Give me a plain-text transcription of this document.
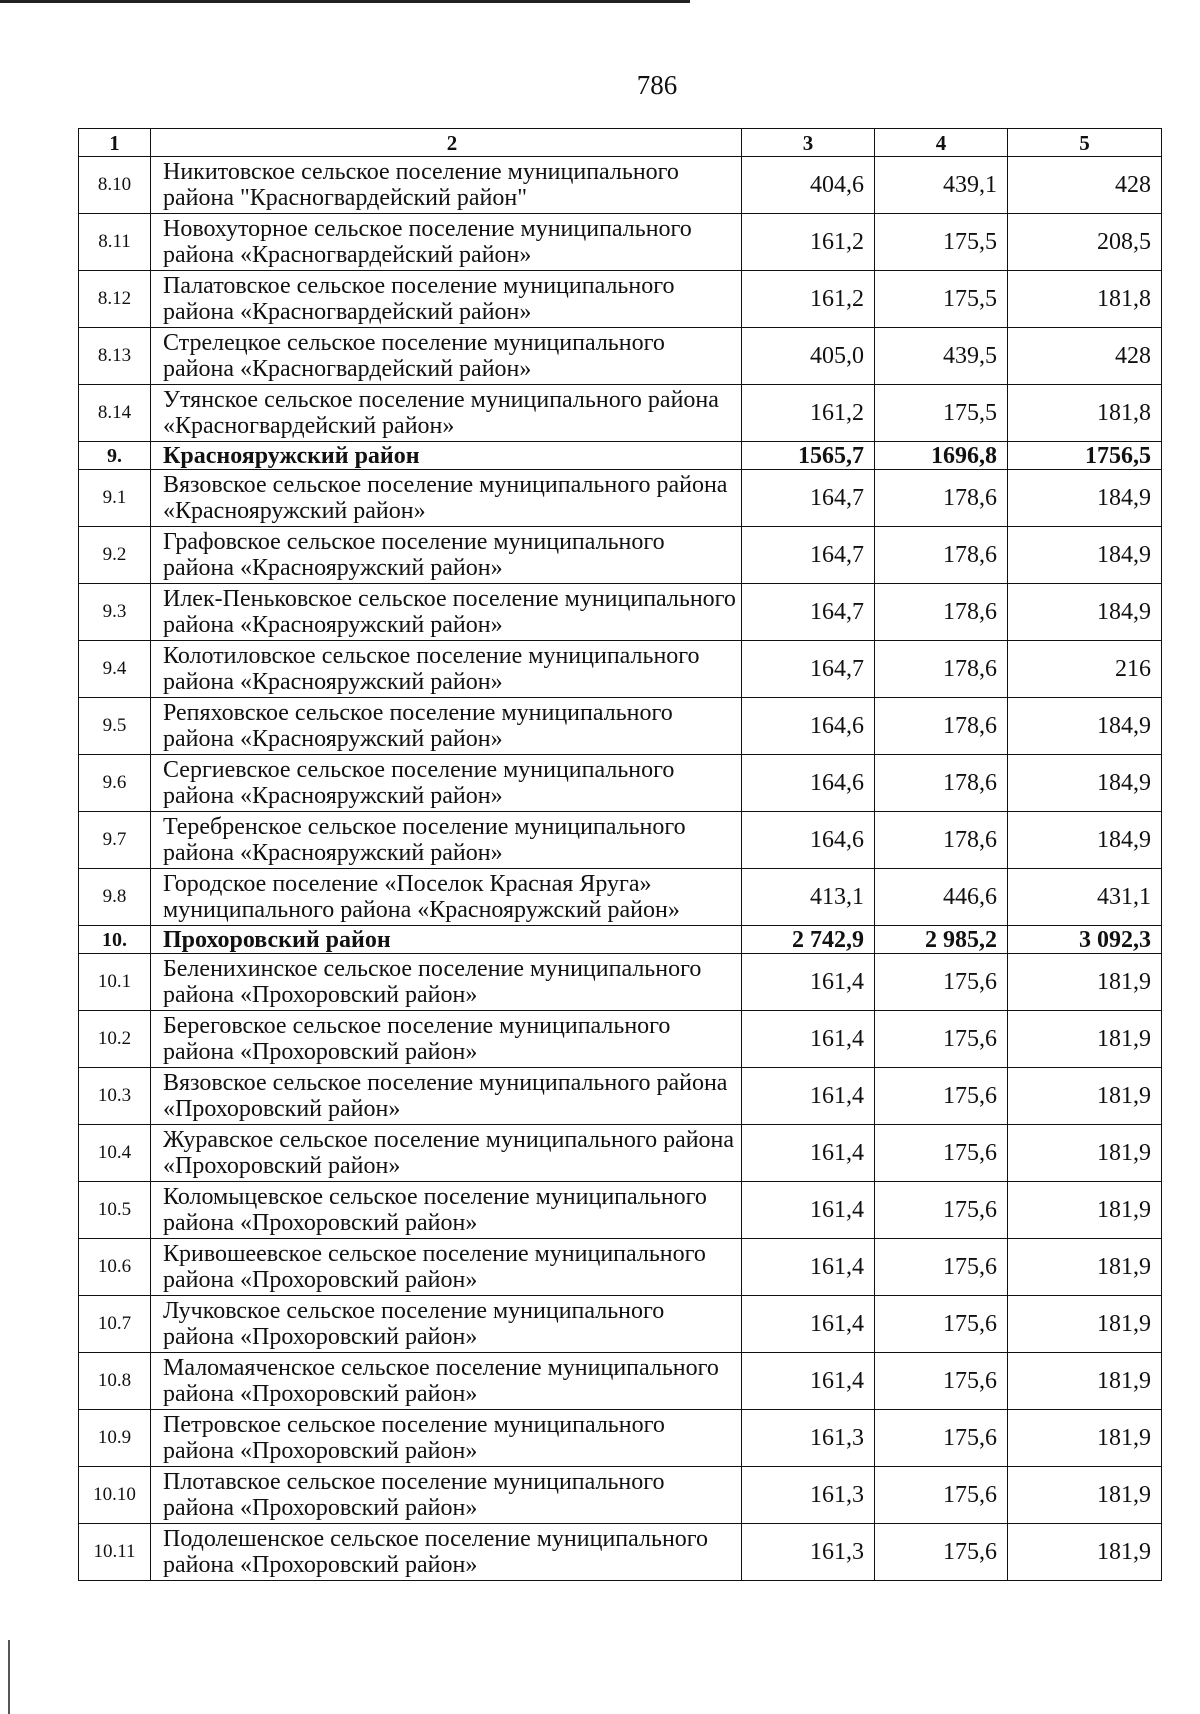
786
1	2	3	4	5
8.10	Никитовское сельское поселение муниципального района "Красногвардейский район"	404,6	439,1	428
8.11	Новохуторное сельское поселение муниципального района «Красногвардейский район»	161,2	175,5	208,5
8.12	Палатовское сельское поселение муниципального района «Красногвардейский район»	161,2	175,5	181,8
8.13	Стрелецкое сельское поселение муниципального района «Красногвардейский район»	405,0	439,5	428
8.14	Утянское сельское поселение муниципального района «Красногвардейский район»	161,2	175,5	181,8
9.	Краснояружский район	1565,7	1696,8	1756,5
9.1	Вязовское сельское поселение муниципального района «Краснояружский район»	164,7	178,6	184,9
9.2	Графовское сельское поселение муниципального района «Краснояружский район»	164,7	178,6	184,9
9.3	Илек-Пеньковское сельское поселение муниципального района «Краснояружский район»	164,7	178,6	184,9
9.4	Колотиловское сельское поселение муниципального района «Краснояружский район»	164,7	178,6	216
9.5	Репяховское сельское поселение муниципального района «Краснояружский район»	164,6	178,6	184,9
9.6	Сергиевское сельское поселение муниципального района «Краснояружский район»	164,6	178,6	184,9
9.7	Теребренское сельское поселение муниципального района «Краснояружский район»	164,6	178,6	184,9
9.8	Городское поселение «Поселок Красная Яруга» муниципального района «Краснояружский район»	413,1	446,6	431,1
10.	Прохоровский район	2 742,9	2 985,2	3 092,3
10.1	Беленихинское сельское поселение муниципального района «Прохоровский район»	161,4	175,6	181,9
10.2	Береговское сельское поселение муниципального района «Прохоровский район»	161,4	175,6	181,9
10.3	Вязовское сельское поселение муниципального района «Прохоровский район»	161,4	175,6	181,9
10.4	Журавское сельское поселение муниципального района «Прохоровский район»	161,4	175,6	181,9
10.5	Коломыцевское сельское поселение муниципального района «Прохоровский район»	161,4	175,6	181,9
10.6	Кривошеевское сельское поселение муниципального района «Прохоровский район»	161,4	175,6	181,9
10.7	Лучковское сельское поселение муниципального района «Прохоровский район»	161,4	175,6	181,9
10.8	Маломаяченское сельское поселение муниципального района «Прохоровский район»	161,4	175,6	181,9
10.9	Петровское сельское поселение муниципального района «Прохоровский район»	161,3	175,6	181,9
10.10	Плотавское сельское поселение муниципального района «Прохоровский район»	161,3	175,6	181,9
10.11	Подолешенское сельское поселение муниципального района «Прохоровский район»	161,3	175,6	181,9
